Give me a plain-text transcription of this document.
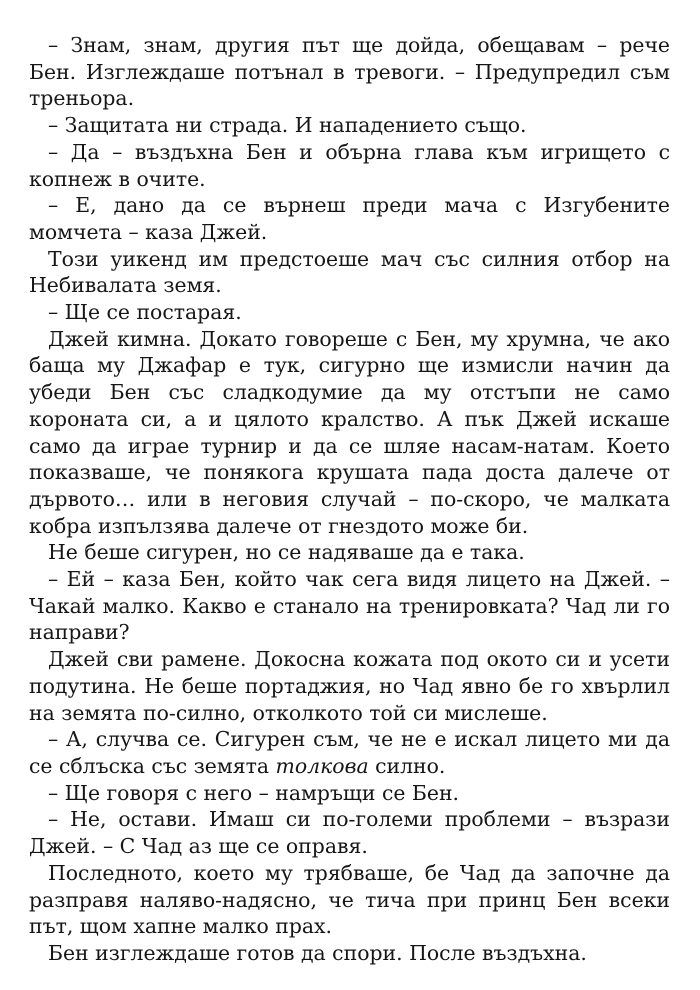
– Знам, знам, другия път ще дойда, обещавам – рече Бен. Изглеждаше потънал в тревоги. – Предупредил съм треньора.

– Защитата ни страда. И нападението също.

– Да – въздъхна Бен и обърна глава към игрището с копнеж в очите.

– Е, дано да се върнеш преди мача с Изгубените момчета – каза Джей.

Този уикенд им предстоеше мач със силния отбор на Небивалата земя.

– Ще се постарая.

Джей кимна. Докато говореше с Бен, му хрумна, че ако баща му Джафар е тук, сигурно ще измисли начин да убеди Бен със сладкодумие да му отстъпи не само короната си, а и цялото кралство. А пък Джей искаше само да играе турнир и да се шляе насам-натам. Което показваше, че понякога крушата пада доста далече от дървото… или в неговия случай – по-скоро, че малката кобра изпълзява далече от гнездото може би.

Не беше сигурен, но се надяваше да е така.

– Ей – каза Бен, който чак сега видя лицето на Джей. – Чакай малко. Какво е станало на тренировката? Чад ли го направи?

Джей сви рамене. Докосна кожата под окото си и усети подутина. Не беше портаджия, но Чад явно бе го хвърлил на земята по-силно, отколкото той си мислеше.

– А, случва се. Сигурен съм, че не е искал лицето ми да се сблъска със земята толкова силно.

– Ще говоря с него – намръщи се Бен.

– Не, остави. Имаш си по-големи проблеми – възрази Джей. – С Чад аз ще се оправя.

Последното, което му трябваше, бе Чад да започне да разправя наляво-надясно, че тича при принц Бен всеки път, щом хапне малко прах.

Бен изглеждаше готов да спори. После въздъхна.
